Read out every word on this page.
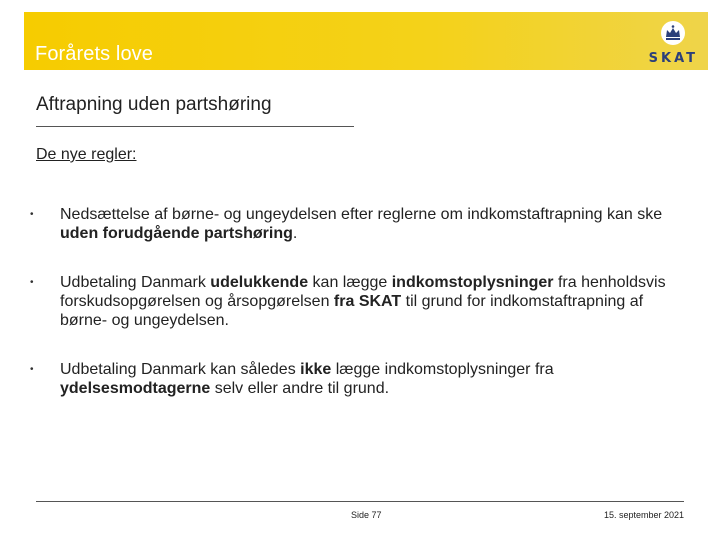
Forårets love	SKAT
Aftrapning uden partshøring
De nye regler:
• Nedsættelse af børne- og ungeydelsen efter reglerne om indkomstaftrapning kan ske uden forudgående partshøring.
• Udbetaling Danmark udelukkende kan lægge indkomstoplysninger fra henholdsvis forskudsopgørelsen og årsopgørelsen fra SKAT til grund for indkomstaftrapning af børne- og ungeydelsen.
• Udbetaling Danmark kan således ikke lægge indkomstoplysninger fra ydelsesmodtagerne selv eller andre til grund.
Side 77	15. september 2021
